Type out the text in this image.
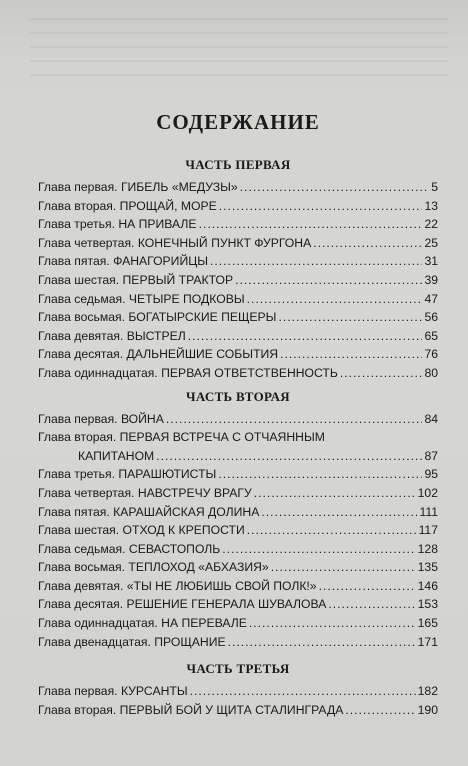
СОДЕРЖАНИЕ
ЧАСТЬ ПЕРВАЯ
Глава первая. ГИБЕЛЬ «МЕДУЗЫ» .....	5
Глава вторая. ПРОЩАЙ, МОРЕ .....	13
Глава третья. НА ПРИВАЛЕ .....	22
Глава четвертая. КОНЕЧНЫЙ ПУНКТ ФУРГОНА .....	25
Глава пятая. ФАНАГОРИЙЦЫ .....	31
Глава шестая. ПЕРВЫЙ ТРАКТОР .....	39
Глава седьмая. ЧЕТЫРЕ ПОДКОВЫ .....	47
Глава восьмая. БОГАТЫРСКИЕ ПЕЩЕРЫ .....	56
Глава девятая. ВЫСТРЕЛ .....	65
Глава десятая. ДАЛЬНЕЙШИЕ СОБЫТИЯ .....	76
Глава одиннадцатая. ПЕРВАЯ ОТВЕТСТВЕННОСТЬ .....	80
ЧАСТЬ ВТОРАЯ
Глава первая. ВОЙНА .....	84
Глава вторая. ПЕРВАЯ ВСТРЕЧА С ОТЧАЯННЫМ
КАПИТАНОМ .....	87
Глава третья. ПАРАШЮТИСТЫ .....	95
Глава четвертая. НАВСТРЕЧУ ВРАГУ .....	102
Глава пятая. КАРАШАЙСКАЯ ДОЛИНА .....	111
Глава шестая. ОТХОД К КРЕПОСТИ .....	117
Глава седьмая. СЕВАСТОПОЛЬ .....	128
Глава восьмая. ТЕПЛОХОД «АБХАЗИЯ» .....	135
Глава девятая. «ТЫ НЕ ЛЮБИШЬ СВОЙ ПОЛК!» .....	146
Глава десятая. РЕШЕНИЕ ГЕНЕРАЛА ШУВАЛОВА .....	153
Глава одиннадцатая. НА ПЕРЕВАЛЕ .....	165
Глава двенадцатая. ПРОЩАНИЕ .....	171
ЧАСТЬ ТРЕТЬЯ
Глава первая. КУРСАНТЫ .....	182
Глава вторая. ПЕРВЫЙ БОЙ У ЩИТА СТАЛИНГРАДА .....	190
